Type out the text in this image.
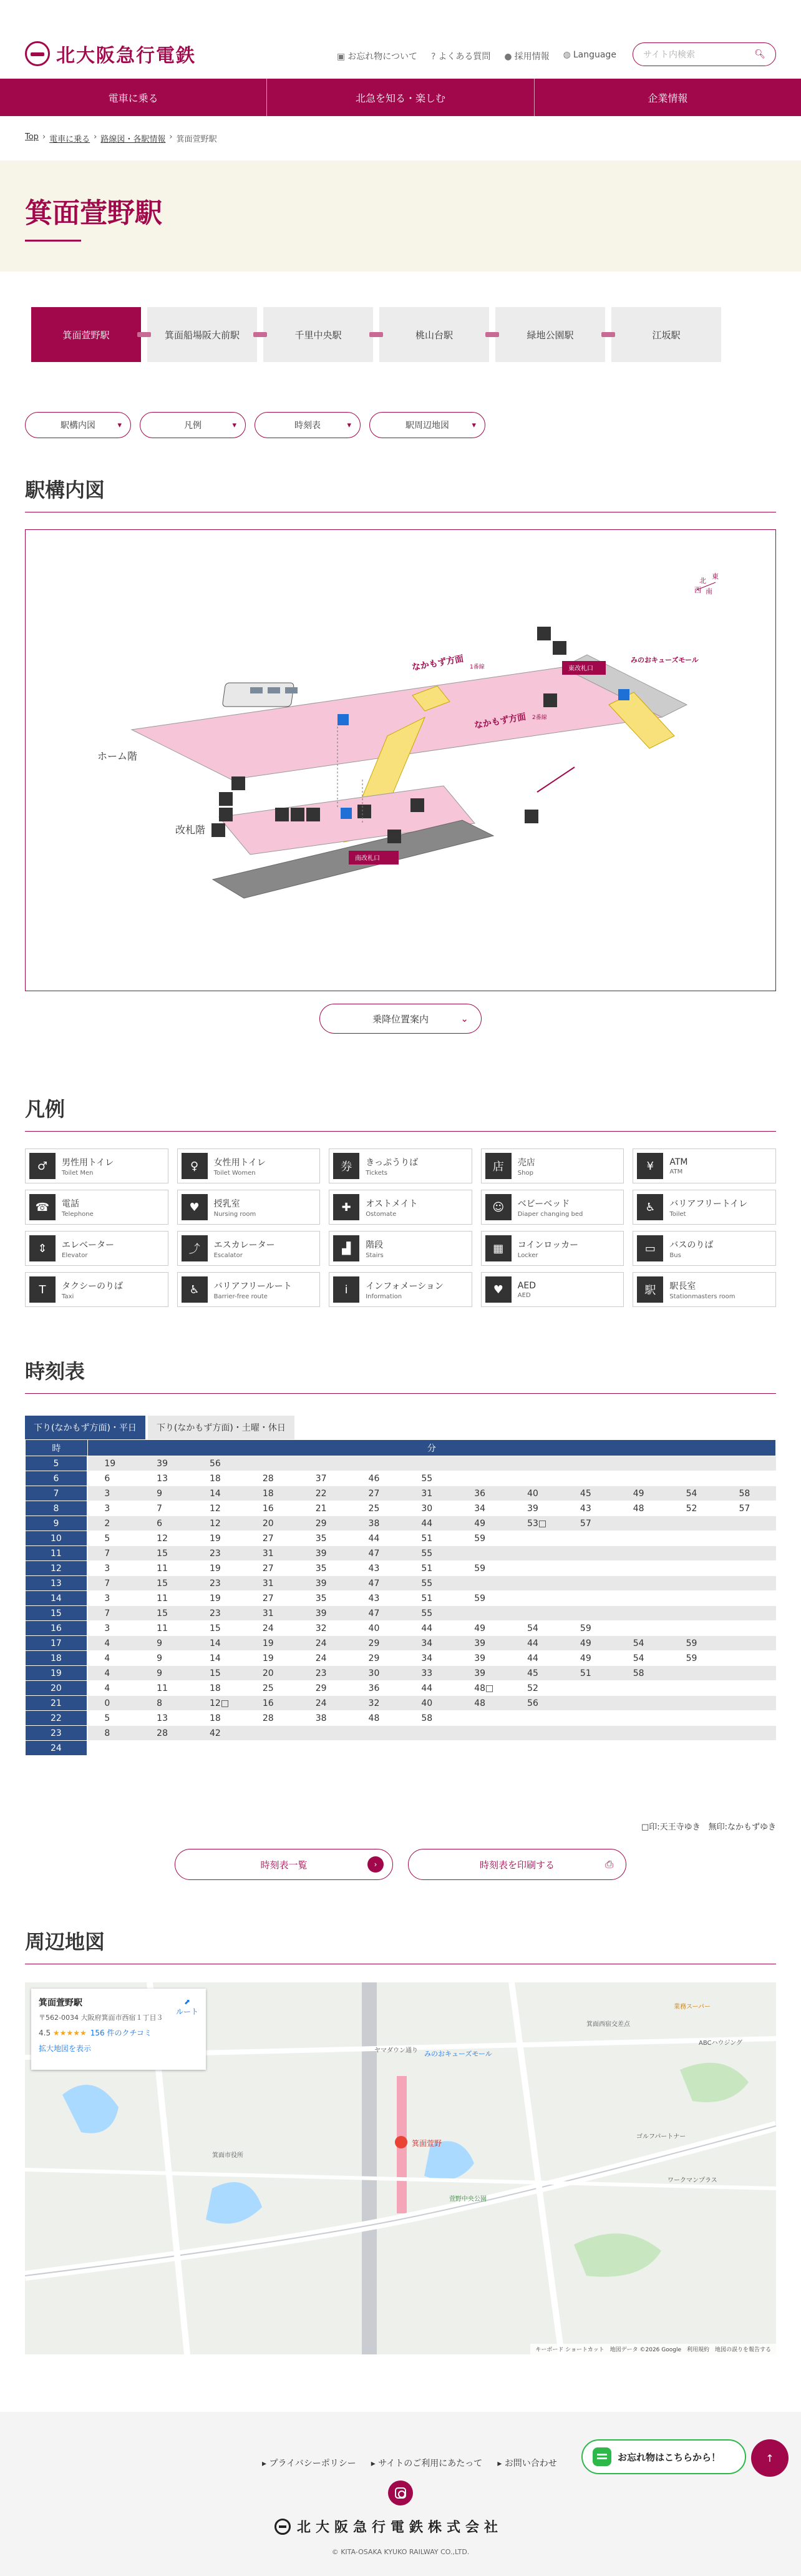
北大阪急行電鉄	▣ お忘れ物について ? よくある質問 ● 採用情報 ◍ Language	サイト内検索	🔍︎
電車に乗る	北急を知る・楽しむ	企業情報
Top › 電車に乗る › 路線図・各駅情報 › 箕面萱野駅
箕面萱野駅
箕面萱野駅	箕面船場阪大前駅	千里中央駅	桃山台駅	緑地公園駅	江坂駅
駅構内図 ▾	凡例 ▾	時刻表 ▾	駅周辺地図 ▾
駅構内図
北
東
南
西
ホーム階
改札階
なかもず方面 1番線
なかもず方面 2番線
東改札口
みのおキューズモール
南改札口
乗降位置案内	⌄
凡例
♂	男性用トイレ
Toilet Men
♀	女性用トイレ
Toilet Women	券	きっぷうりば
Tickets	店	売店
Shop
¥	ATM
ATM
☎	電話
Telephone
♥	授乳室
Nursing room
✚	オストメイト
Ostomate
☺	ベビーベッド
Diaper changing bed
♿	バリアフリートイレ
Toilet
⇕	エレベーター
Elevator	⤴	エスカレーター
Escalator
▟	階段
Stairs
▦	コインロッカー
Locker
▭	バスのりば
Bus
T	タクシーのりば
Taxi
♿	バリアフリールート
Barrier-free route
i	インフォメーション
Information
♥	AED
AED	駅	駅長室
Stationmasters room
時刻表
下り(なかもず方面)・平日	下り(なかもず方面)・土曜・休日
時	分												
5	19	39	56										
6	6	13	18	28	37	46	55						
7	3	9	14	18	22	27	31	36	40	45	49	54	58
8	3	7	12	16	21	25	30	34	39	43	48	52	57
9	2	6	12	20	29	38	44	49	53□	57			
10	5	12	19	27	35	44	51	59					
11	7	15	23	31	39	47	55						
12	3	11	19	27	35	43	51	59					
13	7	15	23	31	39	47	55						
14	3	11	19	27	35	43	51	59					
15	7	15	23	31	39	47	55						
16	3	11	15	24	32	40	44	49	54	59			
17	4	9	14	19	24	29	34	39	44	49	54	59	
18	4	9	14	19	24	29	34	39	44	49	54	59	
19	4	9	15	20	23	30	33	39	45	51	58		
20	4	11	18	25	29	36	44	48□	52				
21	0	8	12□	16	24	32	40	48	56				
22	5	13	18	28	38	48	58						
23	8	28	42										
24													
□印:天王寺ゆき　無印:なかもずゆき
時刻表一覧	›	時刻表を印刷する	⎙
周辺地図
箕面萱野
みのおキューズモール
ヤマダウン通り
箕面西宿交差点
萱野中央公園
ゴルフパートナー
ワークマンプラス
箕面市役所
ABCハウジング
業務スーパー
箕面萱野駅
〒562-0034 大阪府箕面市西宿１丁目３
4.5 ★★★★★ 156 件のクチコミ
拡大地図を表示
⬈
ルート
キーボード ショートカット　地図データ ©2026 Google　利用規約　地図の誤りを報告する
▸ プライバシーポリシー ▸ サイトのご利用にあたって ▸ お問い合わせ
北大阪急行電鉄株式会社
© KITA-OSAKA KYUKO RAILWAY CO.,LTD.
お忘れ物はこちらから！	↑
